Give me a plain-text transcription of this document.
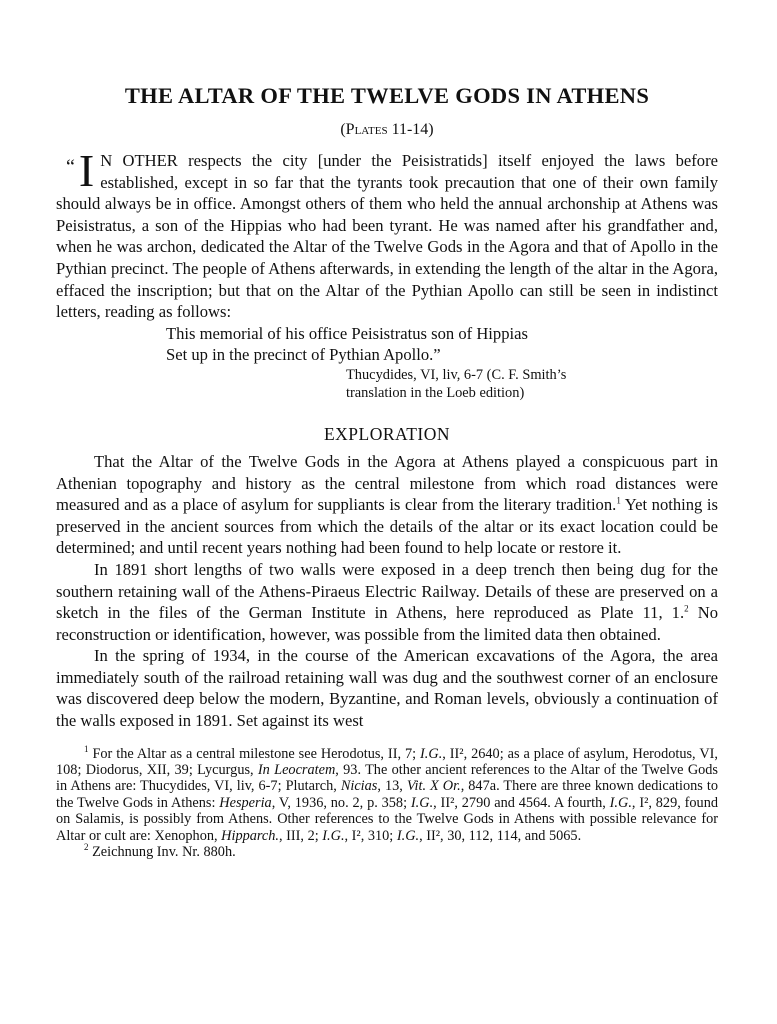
THE ALTAR OF THE TWELVE GODS IN ATHENS
(Plates 11-14)

“I N OTHER respects the city [under the Peisistratids] itself enjoyed the laws before established, except in so far that the tyrants took precaution that one of their own family should always be in office. Amongst others of them who held the annual archonship at Athens was Peisistratus, a son of the Hippias who had been tyrant. He was named after his grandfather and, when he was archon, dedicated the Altar of the Twelve Gods in the Agora and that of Apollo in the Pythian precinct. The people of Athens afterwards, in extending the length of the altar in the Agora, effaced the inscription; but that on the Altar of the Pythian Apollo can still be seen in indistinct letters, reading as follows:

This memorial of his office Peisistratus son of Hippias
Set up in the precinct of Pythian Apollo.”
Thucydides, VI, liv, 6-7 (C. F. Smith’s
translation in the Loeb edition)
EXPLORATION

That the Altar of the Twelve Gods in the Agora at Athens played a conspicuous part in Athenian topography and history as the central milestone from which road distances were measured and as a place of asylum for suppliants is clear from the literary tradition.$^1$ Yet nothing is preserved in the ancient sources from which the details of the altar or its exact location could be determined; and until recent years nothing had been found to help locate or restore it.

In 1891 short lengths of two walls were exposed in a deep trench then being dug for the southern retaining wall of the Athens-Piraeus Electric Railway. Details of these are preserved on a sketch in the files of the German Institute in Athens, here reproduced as Plate 11, 1.$^2$ No reconstruction or identification, however, was possible from the limited data then obtained.

In the spring of 1934, in the course of the American excavations of the Agora, the area immediately south of the railroad retaining wall was dug and the southwest corner of an enclosure was discovered deep below the modern, Byzantine, and Roman levels, obviously a continuation of the walls exposed in 1891. Set against its west

$^1$ For the Altar as a central milestone see Herodotus, II, 7; I.G., II², 2640; as a place of asylum, Herodotus, VI, 108; Diodorus, XII, 39; Lycurgus, In Leocratem, 93. The other ancient references to the Altar of the Twelve Gods in Athens are: Thucydides, VI, liv, 6-7; Plutarch, Nicias, 13, Vit. X Or., 847a. There are three known dedications to the Twelve Gods in Athens: Hesperia, V, 1936, no. 2, p. 358; I.G., II², 2790 and 4564. A fourth, I.G., I², 829, found on Salamis, is possibly from Athens. Other references to the Twelve Gods in Athens with possible relevance for Altar or cult are: Xenophon, Hipparch., III, 2; I.G., I², 310; I.G., II², 30, 112, 114, and 5065.

$^2$ Zeichnung Inv. Nr. 880h.
